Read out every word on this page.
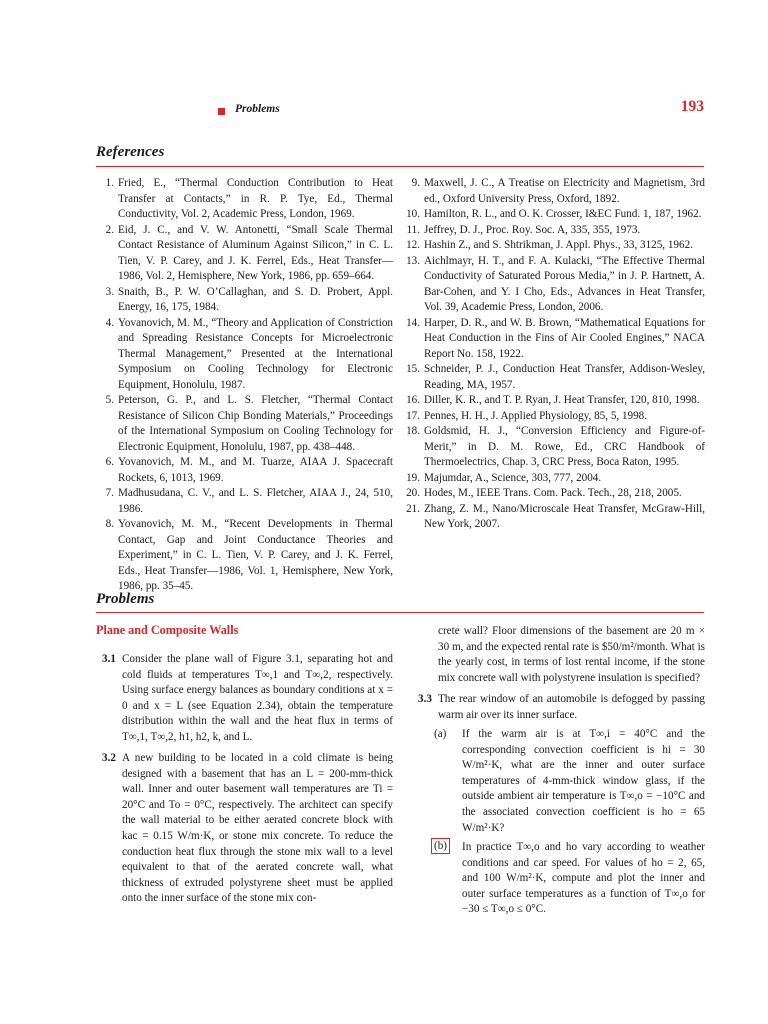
Problems	193
References
1. Fried, E., “Thermal Conduction Contribution to Heat Transfer at Contacts,” in R. P. Tye, Ed., Thermal Conductivity, Vol. 2, Academic Press, London, 1969.
2. Eid, J. C., and V. W. Antonetti, “Small Scale Thermal Contact Resistance of Aluminum Against Silicon,” in C. L. Tien, V. P. Carey, and J. K. Ferrel, Eds., Heat Transfer—1986, Vol. 2, Hemisphere, New York, 1986, pp. 659–664.
3. Snaith, B., P. W. O’Callaghan, and S. D. Probert, Appl. Energy, 16, 175, 1984.
4. Yovanovich, M. M., “Theory and Application of Constriction and Spreading Resistance Concepts for Microelectronic Thermal Management,” Presented at the International Symposium on Cooling Technology for Electronic Equipment, Honolulu, 1987.
5. Peterson, G. P., and L. S. Fletcher, “Thermal Contact Resistance of Silicon Chip Bonding Materials,” Proceedings of the International Symposium on Cooling Technology for Electronic Equipment, Honolulu, 1987, pp. 438–448.
6. Yovanovich, M. M., and M. Tuarze, AIAA J. Spacecraft Rockets, 6, 1013, 1969.
7. Madhusudana, C. V., and L. S. Fletcher, AIAA J., 24, 510, 1986.
8. Yovanovich, M. M., “Recent Developments in Thermal Contact, Gap and Joint Conductance Theories and Experiment,” in C. L. Tien, V. P. Carey, and J. K. Ferrel, Eds., Heat Transfer—1986, Vol. 1, Hemisphere, New York, 1986, pp. 35–45.
9. Maxwell, J. C., A Treatise on Electricity and Magnetism, 3rd ed., Oxford University Press, Oxford, 1892.
10. Hamilton, R. L., and O. K. Crosser, I&EC Fund. 1, 187, 1962.
11. Jeffrey, D. J., Proc. Roy. Soc. A, 335, 355, 1973.
12. Hashin Z., and S. Shtrikman, J. Appl. Phys., 33, 3125, 1962.
13. Aichlmayr, H. T., and F. A. Kulacki, “The Effective Thermal Conductivity of Saturated Porous Media,” in J. P. Hartnett, A. Bar-Cohen, and Y. I Cho, Eds., Advances in Heat Transfer, Vol. 39, Academic Press, London, 2006.
14. Harper, D. R., and W. B. Brown, “Mathematical Equations for Heat Conduction in the Fins of Air Cooled Engines,” NACA Report No. 158, 1922.
15. Schneider, P. J., Conduction Heat Transfer, Addison-Wesley, Reading, MA, 1957.
16. Diller, K. R., and T. P. Ryan, J. Heat Transfer, 120, 810, 1998.
17. Pennes, H. H., J. Applied Physiology, 85, 5, 1998.
18. Goldsmid, H. J., “Conversion Efficiency and Figure-of-Merit,” in D. M. Rowe, Ed., CRC Handbook of Thermoelectrics, Chap. 3, CRC Press, Boca Raton, 1995.
19. Majumdar, A., Science, 303, 777, 2004.
20. Hodes, M., IEEE Trans. Com. Pack. Tech., 28, 218, 2005.
21. Zhang, Z. M., Nano/Microscale Heat Transfer, McGraw-Hill, New York, 2007.
Problems
Plane and Composite Walls
3.1 Consider the plane wall of Figure 3.1, separating hot and cold fluids at temperatures T∞,1 and T∞,2, respectively. Using surface energy balances as boundary conditions at x = 0 and x = L (see Equation 2.34), obtain the temperature distribution within the wall and the heat flux in terms of T∞,1, T∞,2, h1, h2, k, and L.
3.2 A new building to be located in a cold climate is being designed with a basement that has an L = 200-mm-thick wall. Inner and outer basement wall temperatures are Ti = 20°C and To = 0°C, respectively. The architect can specify the wall material to be either aerated concrete block with kac = 0.15 W/m·K, or stone mix concrete. To reduce the conduction heat flux through the stone mix wall to a level equivalent to that of the aerated concrete wall, what thickness of extruded polystyrene sheet must be applied onto the inner surface of the stone mix con-
crete wall? Floor dimensions of the basement are 20 m × 30 m, and the expected rental rate is $50/m²/month. What is the yearly cost, in terms of lost rental income, if the stone mix concrete wall with polystyrene insulation is specified?
3.3 The rear window of an automobile is defogged by passing warm air over its inner surface.
(a) If the warm air is at T∞,i = 40°C and the corresponding convection coefficient is hi = 30 W/m²·K, what are the inner and outer surface temperatures of 4-mm-thick window glass, if the outside ambient air temperature is T∞,o = −10°C and the associated convection coefficient is ho = 65 W/m²·K?
(b) In practice T∞,o and ho vary according to weather conditions and car speed. For values of ho = 2, 65, and 100 W/m²·K, compute and plot the inner and outer surface temperatures as a function of T∞,o for −30 ≤ T∞,o ≤ 0°C.
